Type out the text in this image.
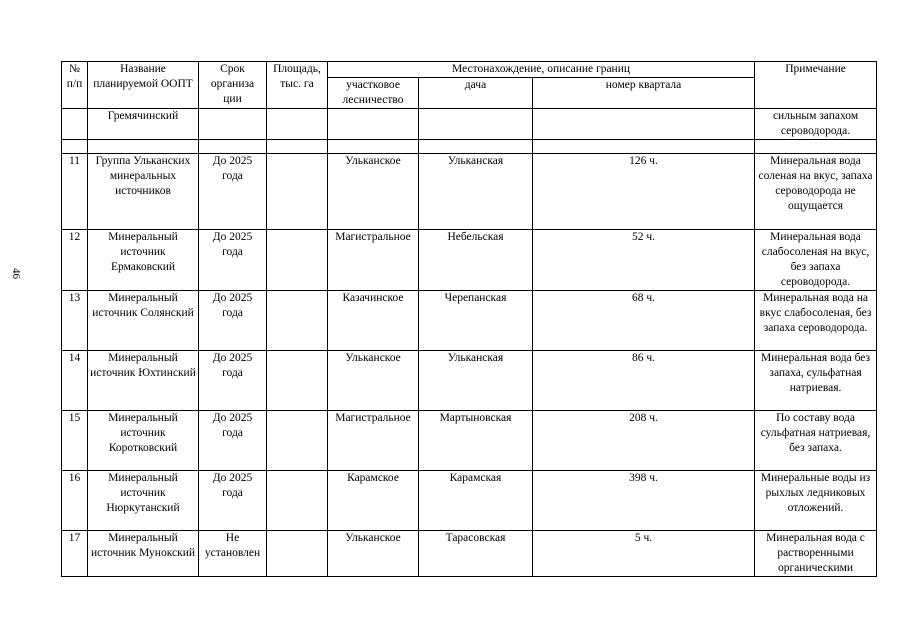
46
№ п/п	Название планируемой ООПТ	Срок организа ции	Площадь, тыс. га	Местонахождение, описание границ			Примечание
				участковое лесничество	дача	номер квартала	
	Гремячинский						сильным запахом сероводорода.

11	Группа Ульканских минеральных источников	До 2025 года		Ульканское	Ульканская	126 ч.	Минеральная вода соленая на вкус, запаха сероводорода не ощущается
12	Минеральный источник Ермаковский	До 2025 года		Магистральное	Небельская	52 ч.	Минеральная вода слабосоленая на вкус, без запаха сероводорода.
13	Минеральный источник Солянский	До 2025 года		Казачинское	Черепанская	68 ч.	Минеральная вода на вкус слабосоленая, без запаха сероводорода.
14	Минеральный источник Юхтинский	До 2025 года		Ульканское	Ульканская	86 ч.	Минеральная вода без запаха, сульфатная натриевая.
15	Минеральный источник Коротковский	До 2025 года		Магистральное	Мартыновская	208 ч.	По составу вода сульфатная натриевая, без запаха.
16	Минеральный источник Нюркутанский	До 2025 года		Карамское	Карамская	398 ч.	Минеральные воды из рыхлых ледниковых отложений.
17	Минеральный источник Мунокский	Не установлен		Ульканское	Тарасовская	5 ч.	Минеральная вода с растворенными органическими
